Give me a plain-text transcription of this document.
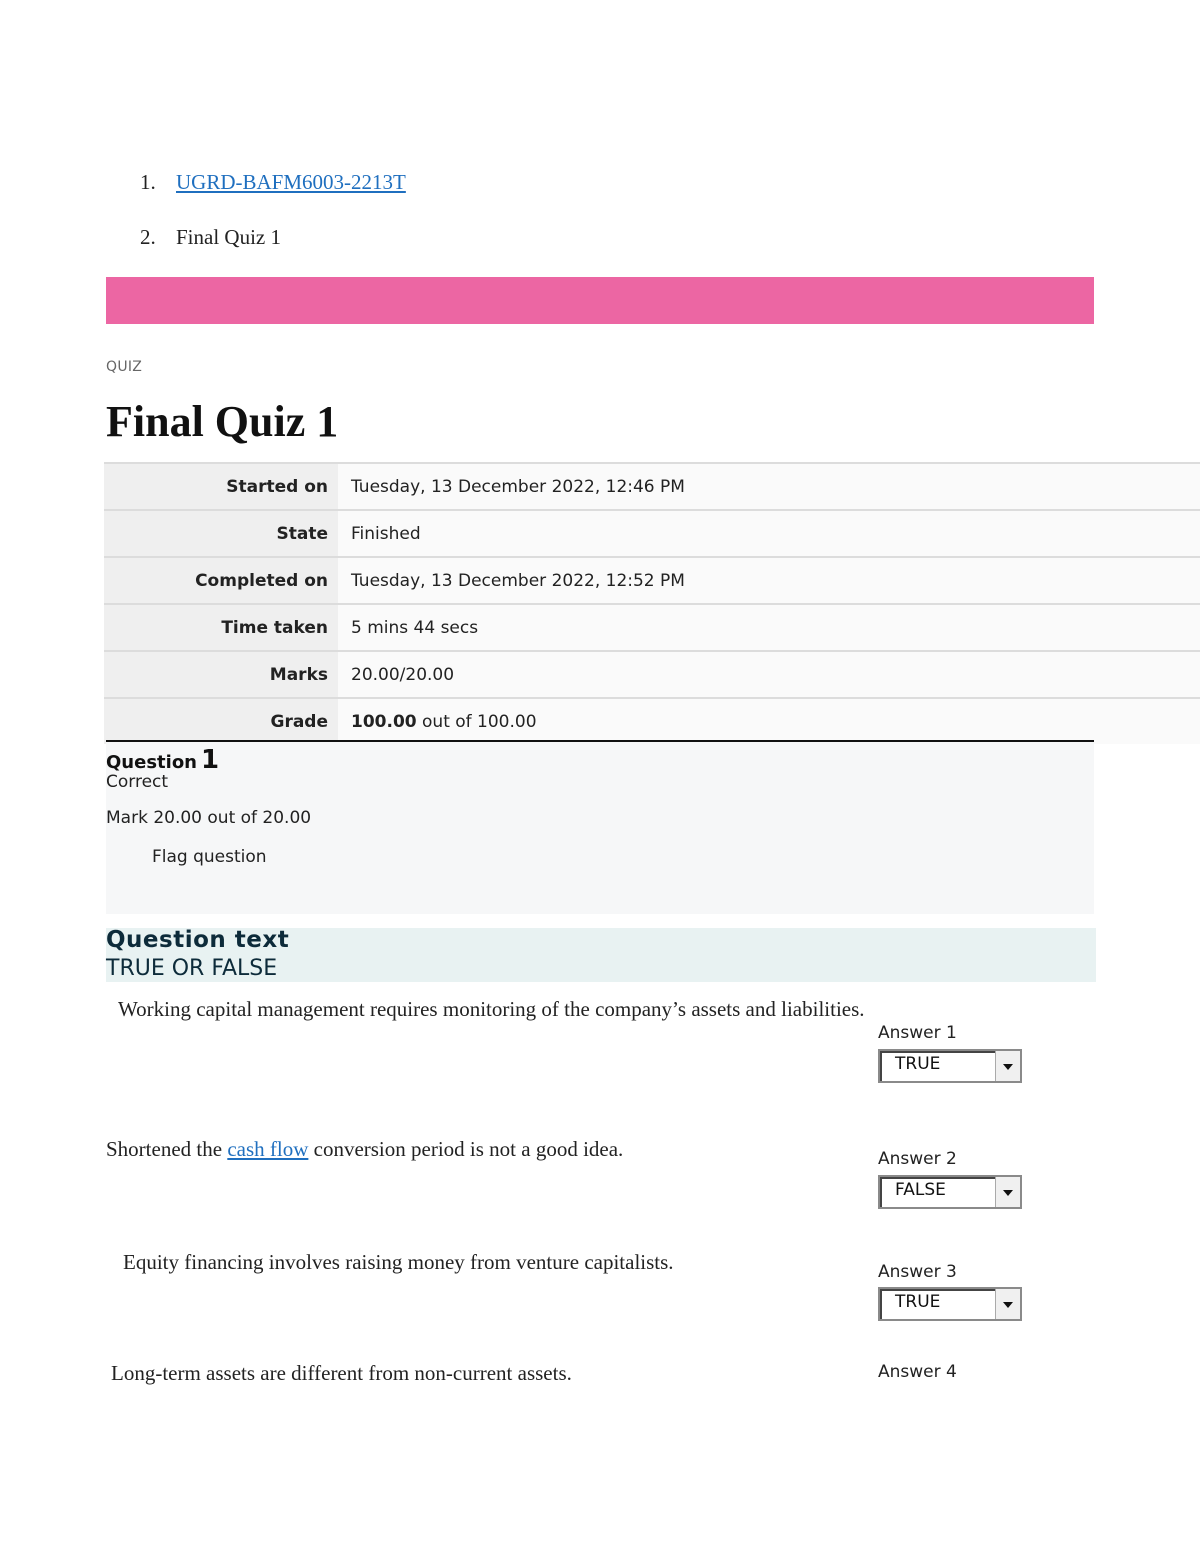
1. UGRD-BAFM6003-2213T
2. Final Quiz 1
QUIZ
Final Quiz 1
Started on	Tuesday, 13 December 2022, 12:46 PM
State	Finished
Completed on	Tuesday, 13 December 2022, 12:52 PM
Time taken	5 mins 44 secs
Marks	20.00/20.00
Grade	100.00 out of 100.00
Question 1
Correct
Mark 20.00 out of 20.00
Flag question
Question text
TRUE OR FALSE
Working capital management requires monitoring of the company’s assets and liabilities.
Answer 1
TRUE
Shortened the cash flow conversion period is not a good idea.	Answer 2
FALSE
Equity financing involves raising money from venture capitalists.	Answer 3
TRUE
Long-term assets are different from non-current assets.	Answer 4
